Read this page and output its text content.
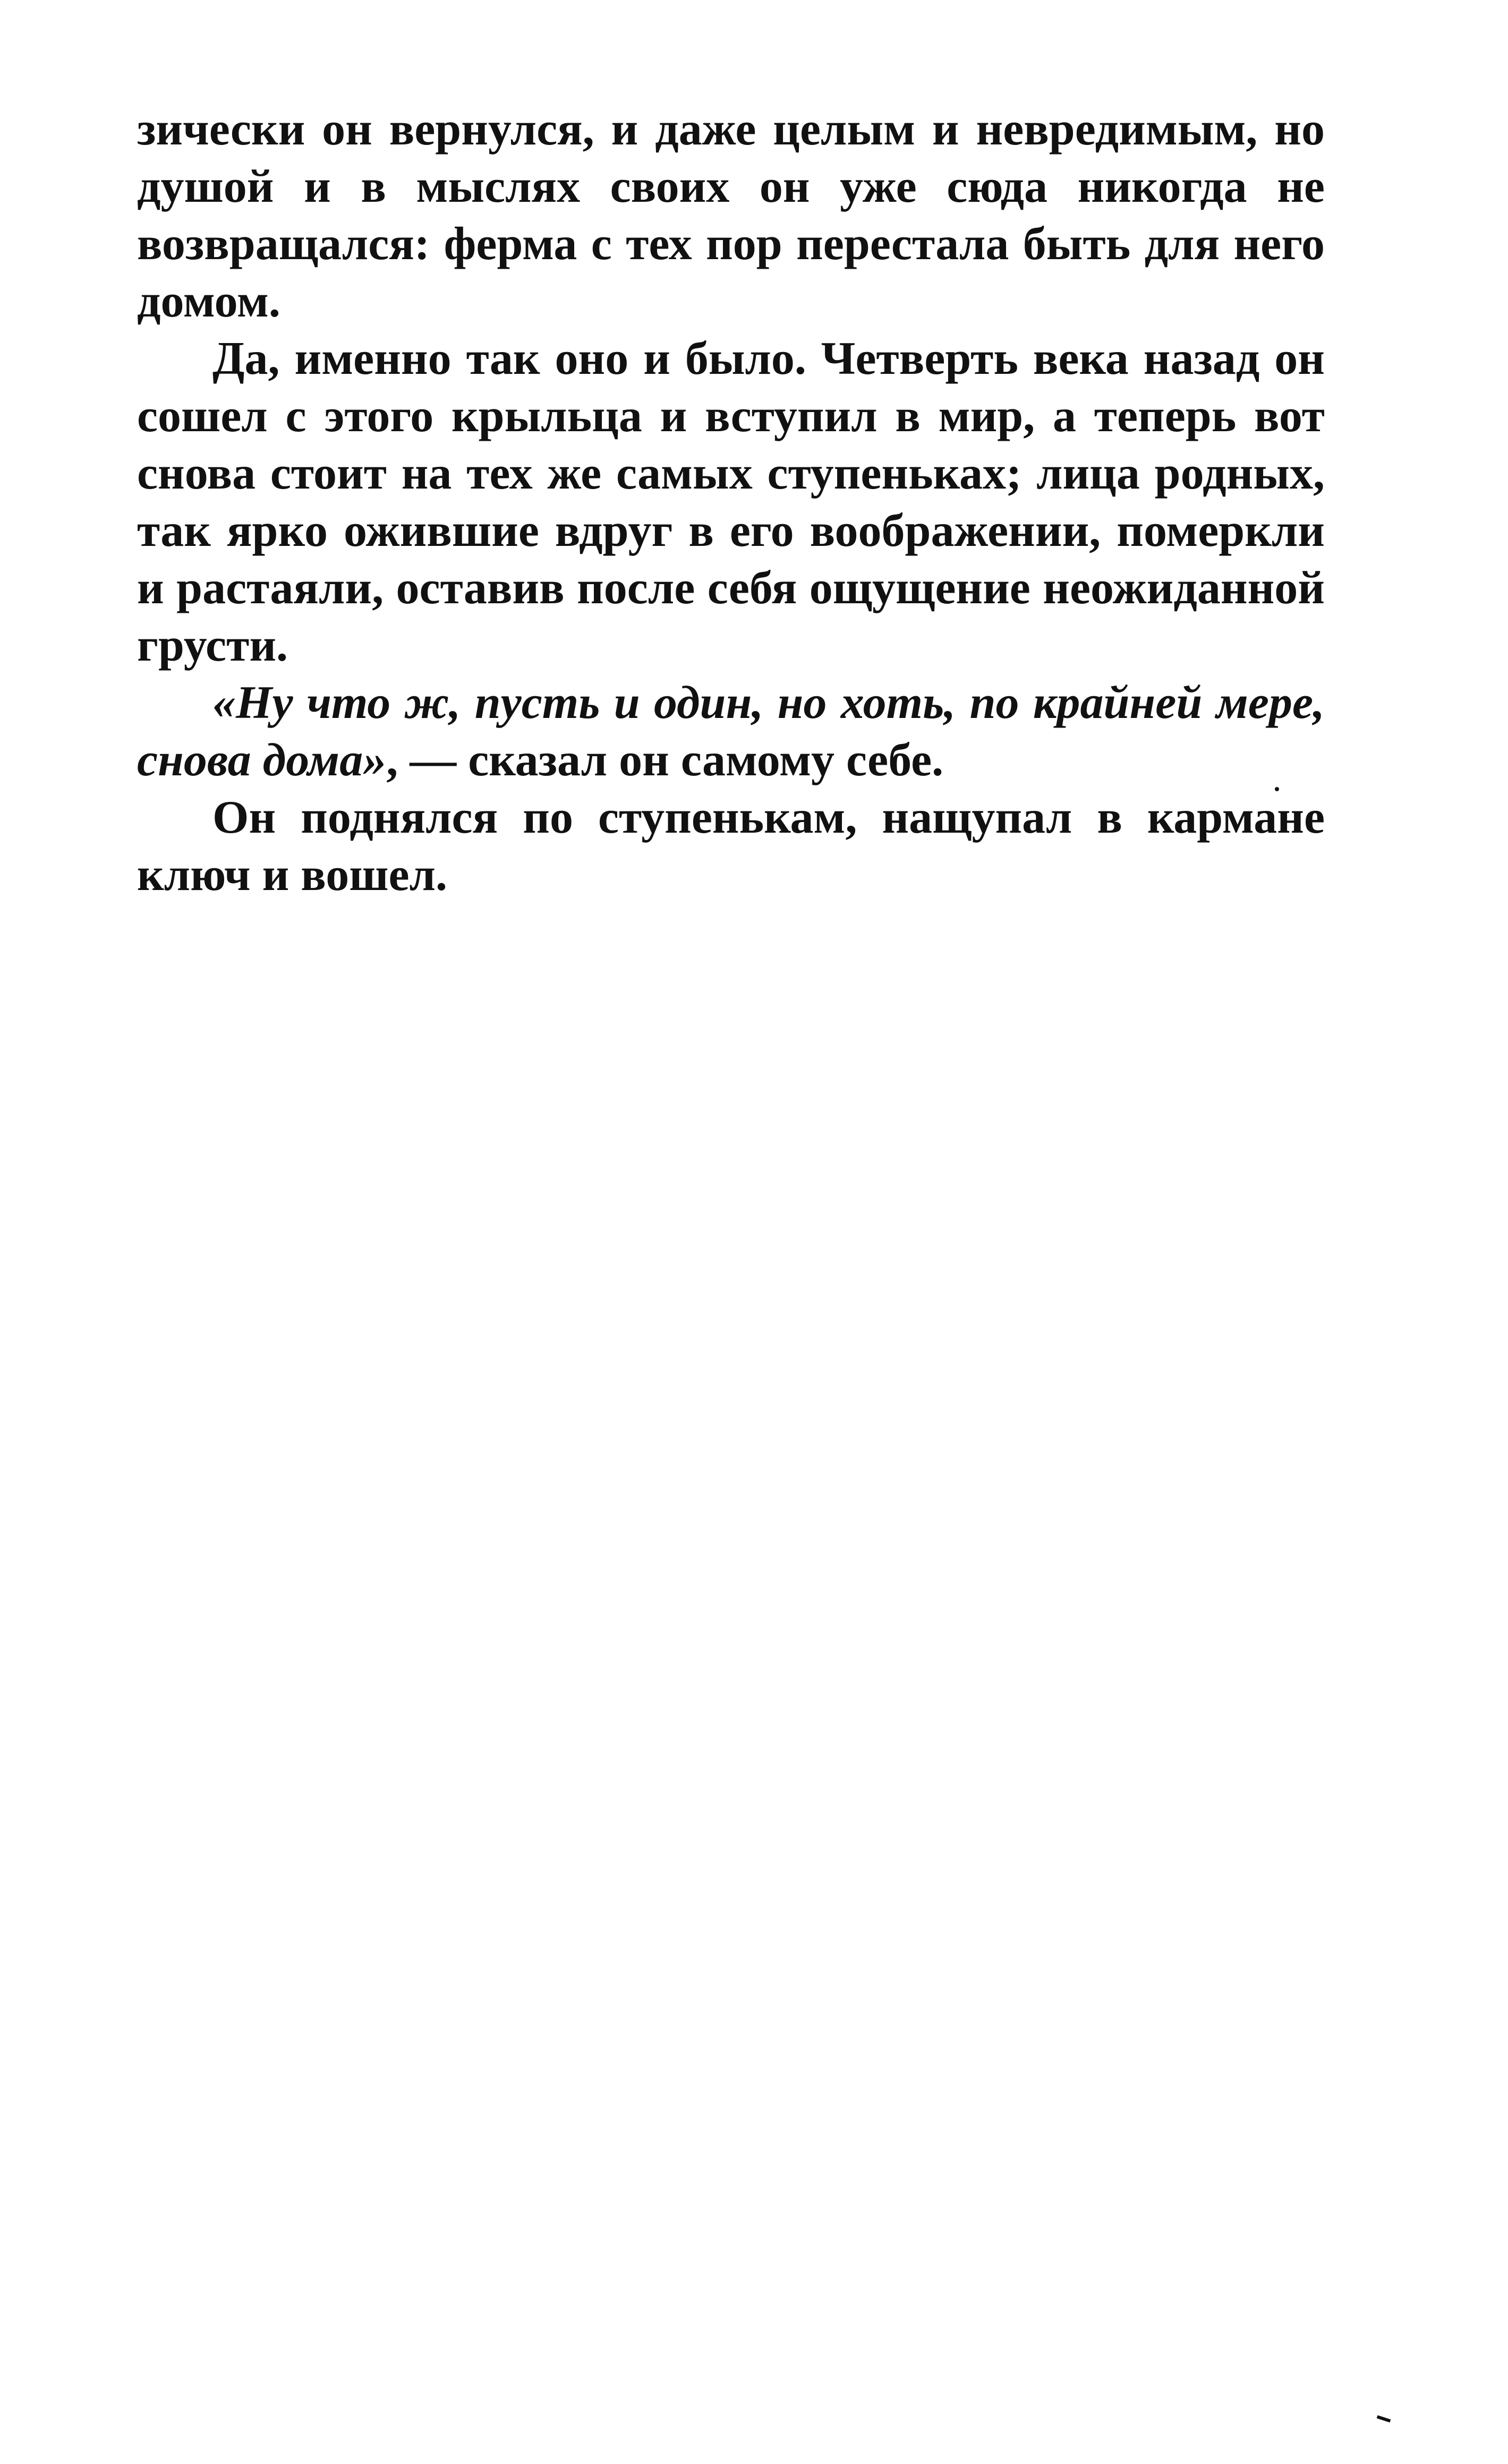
зически он вернулся, и даже целым и невредимым, но душой и в мыслях своих он уже сюда никогда не возвращался: ферма с тех пор перестала быть для него домом.

Да, именно так оно и было. Четверть века назад он сошел с этого крыльца и вступил в мир, а теперь вот снова стоит на тех же самых ступеньках; лица родных, так ярко ожившие вдруг в его воображении, померкли и растаяли, оставив после себя ощущение неожиданной грусти.

«Ну что ж, пусть и один, но хоть, по крайней мере, снова дома», — сказал он самому себе.

Он поднялся по ступенькам, нащупал в кармане ключ и вошел.
